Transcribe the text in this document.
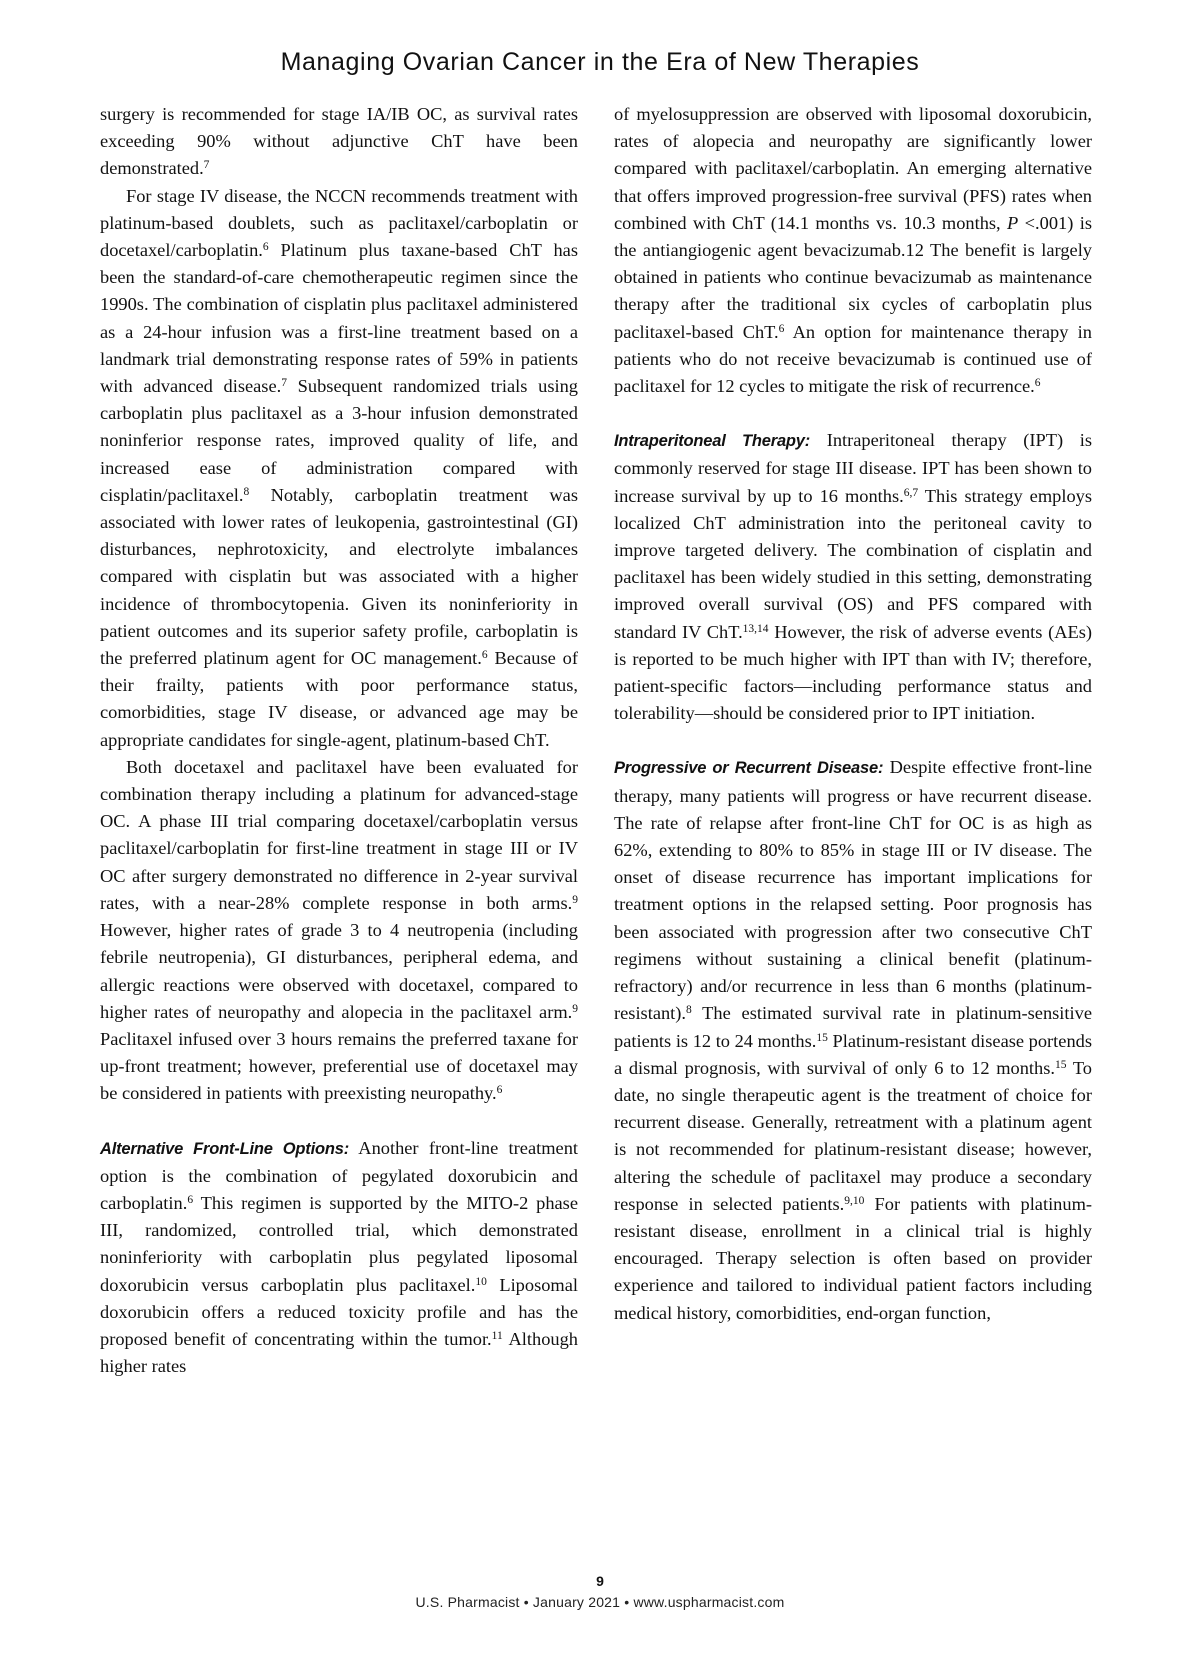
Managing Ovarian Cancer in the Era of New Therapies

surgery is recommended for stage IA/IB OC, as survival rates exceeding 90% without adjunctive ChT have been demonstrated.$^7$

For stage IV disease, the NCCN recommends treatment with platinum-based doublets, such as paclitaxel/carboplatin or docetaxel/carboplatin.$^6$ Platinum plus taxane-based ChT has been the standard-of-care chemotherapeutic regimen since the 1990s. The combination of cisplatin plus paclitaxel administered as a 24-hour infusion was a first-line treatment based on a landmark trial demonstrating response rates of 59% in patients with advanced disease.$^7$ Subsequent randomized trials using carboplatin plus paclitaxel as a 3-hour infusion demonstrated noninferior response rates, improved quality of life, and increased ease of administration compared with cisplatin/paclitaxel.$^8$ Notably, carboplatin treatment was associated with lower rates of leukopenia, gastrointestinal (GI) disturbances, nephrotoxicity, and electrolyte imbalances compared with cisplatin but was associated with a higher incidence of thrombocytopenia. Given its noninferiority in patient outcomes and its superior safety profile, carboplatin is the preferred platinum agent for OC management.$^6$ Because of their frailty, patients with poor performance status, comorbidities, stage IV disease, or advanced age may be appropriate candidates for single-agent, platinum-based ChT.

Both docetaxel and paclitaxel have been evaluated for combination therapy including a platinum for advanced-stage OC. A phase III trial comparing docetaxel/carboplatin versus paclitaxel/carboplatin for first-line treatment in stage III or IV OC after surgery demonstrated no difference in 2-year survival rates, with a near-28% complete response in both arms.$^9$ However, higher rates of grade 3 to 4 neutropenia (including febrile neutropenia), GI disturbances, peripheral edema, and allergic reactions were observed with docetaxel, compared to higher rates of neuropathy and alopecia in the paclitaxel arm.$^9$ Paclitaxel infused over 3 hours remains the preferred taxane for up-front treatment; however, preferential use of docetaxel may be considered in patients with preexisting neuropathy.$^6$

Alternative Front-Line Options: Another front-line treatment option is the combination of pegylated doxorubicin and carboplatin.$^6$ This regimen is supported by the MITO-2 phase III, randomized, controlled trial, which demonstrated noninferiority with carboplatin plus pegylated liposomal doxorubicin versus carboplatin plus paclitaxel.$^{10}$ Liposomal doxorubicin offers a reduced toxicity profile and has the proposed benefit of concentrating within the tumor.$^{11}$ Although higher rates

of myelosuppression are observed with liposomal doxorubicin, rates of alopecia and neuropathy are significantly lower compared with paclitaxel/carboplatin. An emerging alternative that offers improved progression-free survival (PFS) rates when combined with ChT (14.1 months vs. 10.3 months, P <.001) is the antiangiogenic agent bevacizumab.12 The benefit is largely obtained in patients who continue bevacizumab as maintenance therapy after the traditional six cycles of carboplatin plus paclitaxel-based ChT.$^6$ An option for maintenance therapy in patients who do not receive bevacizumab is continued use of paclitaxel for 12 cycles to mitigate the risk of recurrence.$^6$

Intraperitoneal Therapy: Intraperitoneal therapy (IPT) is commonly reserved for stage III disease. IPT has been shown to increase survival by up to 16 months.$^{6,7}$ This strategy employs localized ChT administration into the peritoneal cavity to improve targeted delivery. The combination of cisplatin and paclitaxel has been widely studied in this setting, demonstrating improved overall survival (OS) and PFS compared with standard IV ChT.$^{13,14}$ However, the risk of adverse events (AEs) is reported to be much higher with IPT than with IV; therefore, patient-specific factors—including performance status and tolerability—should be considered prior to IPT initiation.

Progressive or Recurrent Disease: Despite effective front-line therapy, many patients will progress or have recurrent disease. The rate of relapse after front-line ChT for OC is as high as 62%, extending to 80% to 85% in stage III or IV disease. The onset of disease recurrence has important implications for treatment options in the relapsed setting. Poor prognosis has been associated with progression after two consecutive ChT regimens without sustaining a clinical benefit (platinum-refractory) and/or recurrence in less than 6 months (platinum-resistant).$^8$ The estimated survival rate in platinum-sensitive patients is 12 to 24 months.$^{15}$ Platinum-resistant disease portends a dismal prognosis, with survival of only 6 to 12 months.$^{15}$ To date, no single therapeutic agent is the treatment of choice for recurrent disease. Generally, retreatment with a platinum agent is not recommended for platinum-resistant disease; however, altering the schedule of paclitaxel may produce a secondary response in selected patients.$^{9,10}$ For patients with platinum-resistant disease, enrollment in a clinical trial is highly encouraged. Therapy selection is often based on provider experience and tailored to individual patient factors including medical history, comorbidities, end-organ function,

9
U.S. Pharmacist • January 2021 • www.uspharmacist.com
